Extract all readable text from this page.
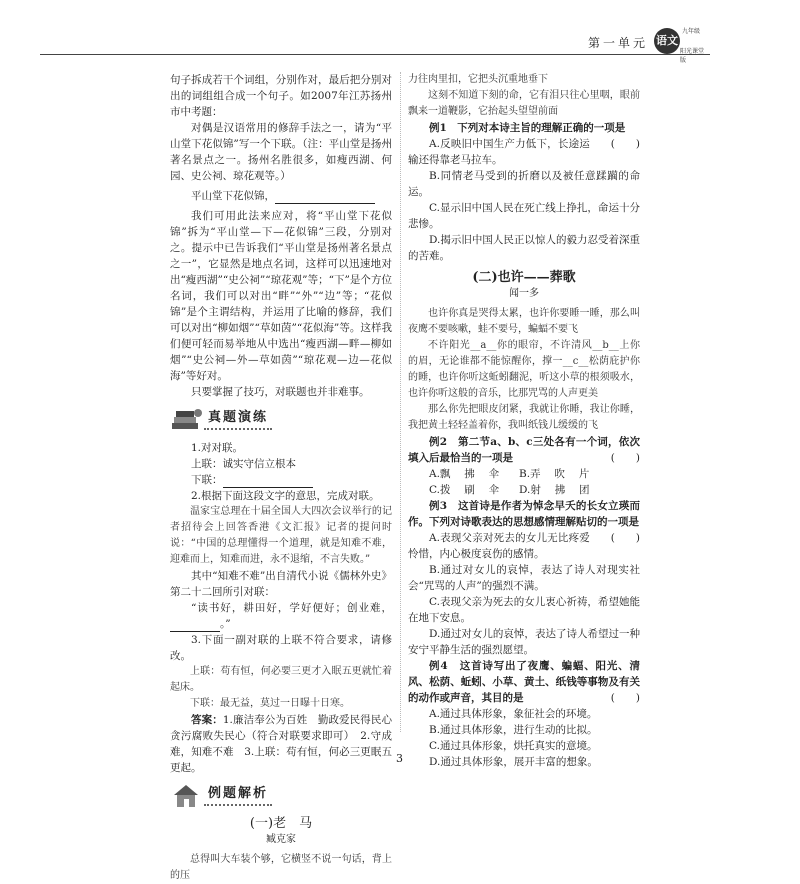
第一单元
九年级
语文
阳光课堂版

句子拆成若干个词组，分别作对，最后把分别对出的词组组合成一个句子。如2007年江苏扬州市中考题：

对偶是汉语常用的修辞手法之一，请为“平山堂下花似锦”写一个下联。（注：平山堂是扬州著名景点之一。扬州名胜很多，如瘦西湖、何园、史公祠、琼花观等。）

平山堂下花似锦，

我们可用此法来应对，将“平山堂下花似锦”拆为“平山堂—下—花似锦”三段，分别对之。提示中已告诉我们“平山堂是扬州著名景点之一”，它显然是地点名词，这样可以迅速地对出“瘦西湖”“史公祠”“琼花观”等；“下”是个方位名词，我们可以对出“畔”“外”“边”等；“花似锦”是个主谓结构，并运用了比喻的修辞，我们可以对出“柳如烟”“草如茵”“花似海”等。这样我们便可轻而易举地从中选出“瘦西湖—畔—柳如烟”“史公祠—外—草如茵”“琼花观—边—花似海”等好对。

只要掌握了技巧，对联题也并非难事。

真题演练

1.对对联。

上联：诚实守信立根本

下联：

2.根据下面这段文字的意思，完成对联。

温家宝总理在十届全国人大四次会议举行的记者招待会上回答香港《文汇报》记者的提问时说：“中国的总理懂得一个道理，就是知难不难，迎难而上，知难而进，永不退缩，不言失败。”

其中“知难不难”出自清代小说《儒林外史》第二十二回所引对联：

“读书好，耕田好，学好便好；创业难，。”

3.下面一副对联的上联不符合要求，请修改。

上联：苟有恒，何必要三更才入眠五更就忙着起床。

下联：最无益，莫过一日曝十日寒。

答案：1.廉洁奉公为百姓　勤政爱民得民心　贪污腐败失民心（符合对联要求即可）　2.守成难，知难不难　3.上联：苟有恒，何必三更眠五更起。

例题解析

(一)老　马

臧克家

总得叫大车装个够，它横竖不说一句话，背上的压

力往肉里扣，它把头沉重地垂下

这刻不知道下刻的命，它有泪只往心里咽，眼前飘来一道鞭影，它抬起头望望前面

例1　下列对本诗主旨的理解正确的一项是
(　　)

A.反映旧中国生产力低下，长途运输还得靠老马拉车。

B.同情老马受到的折磨以及被任意蹂躏的命运。

C.显示旧中国人民在死亡线上挣扎，命运十分悲惨。

D.揭示旧中国人民正以惊人的毅力忍受着深重的苦难。

(二)也许——葬歌

闻一多

也许你真是哭得太累，也许你要睡一睡，那么叫夜鹰不要咳嗽，蛙不要号，蝙蝠不要飞

不许阳光__a__你的眼帘，不许清风__b__上你的眉，无论谁都不能惊醒你，撑一__c__松荫庇护你的睡，也许你听这蚯蚓翻泥，听这小草的根须吸水，也许你听这般的音乐，比那咒骂的人声更美

那么你先把眼皮闭紧，我就让你睡，我让你睡，我把黄土轻轻盖着你，我叫纸钱儿缓缓的飞

例2　第二节a、b、c三处各有一个词，依次填入后最恰当的一项是	(　　)

A.飘 　拂 　伞	B.弄 　吹 　片
C.拨 　刷 　伞	D.射 　拂 　团

例3　这首诗是作者为悼念早夭的长女立瑛而作。下列对诗歌表达的思想感情理解贴切的一项是
(　　)

A.表现父亲对死去的女儿无比疼爱怜惜，内心极度哀伤的感情。

B.通过对女儿的哀悼，表达了诗人对现实社会“咒骂的人声”的强烈不满。

C.表现父亲为死去的女儿衷心祈祷，希望她能在地下安息。

D.通过对女儿的哀悼，表达了诗人希望过一种安宁平静生活的强烈愿望。

例4　这首诗写出了夜鹰、蝙蝠、阳光、清风、松荫、蚯蚓、小草、黄土、纸钱等事物及有关的动作或声音，其目的是	(　　)

A.通过具体形象，象征社会的环境。

B.通过具体形象，进行生动的比拟。

C.通过具体形象，烘托真实的意境。

D.通过具体形象，展开丰富的想象。

3
